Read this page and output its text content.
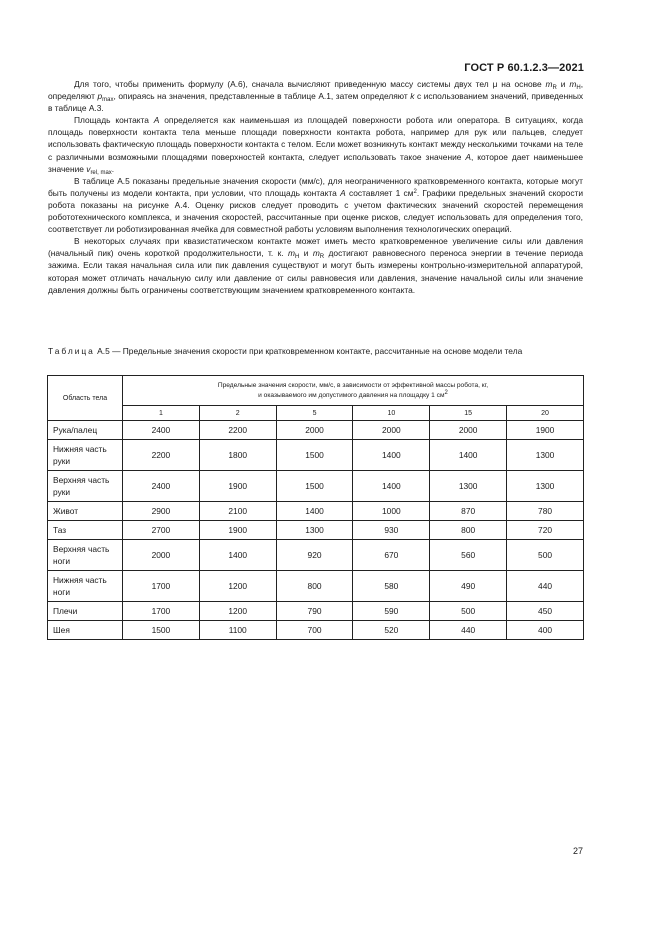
ГОСТ Р 60.1.2.3—2021

Для того, чтобы применить формулу (А.6), сначала вычисляют приведенную массу системы двух тел μ на основе $m_R$ и $m_H$, определяют $p_{max}$, опираясь на значения, представленные в таблице А.1, затем определяют k с использованием значений, приведенных в таблице А.3.

Площадь контакта A определяется как наименьшая из площадей поверхности робота или оператора. В ситуациях, когда площадь поверхности контакта тела меньше площади поверхности контакта робота, например для рук или пальцев, следует использовать фактическую площадь поверхности контакта с телом. Если может возникнуть контакт между несколькими точками на теле с различными возможными площадями поверхностей контакта, следует использовать такое значение A, которое дает наименьшее значение $v_{rel, max}$.

В таблице А.5 показаны предельные значения скорости (мм/с), для неограниченного кратковременного контакта, которые могут быть получены из модели контакта, при условии, что площадь контакта A составляет 1 $см^2$. Графики предельных значений скорости робота показаны на рисунке А.4. Оценку рисков следует проводить с учетом фактических значений скоростей перемещения робототехнического комплекса, и значения скоростей, рассчитанные при оценке рисков, следует использовать для определения того, соответствует ли роботизированная ячейка для совместной работы условиям выполнения технологических операций.

В некоторых случаях при квазистатическом контакте может иметь место кратковременное увеличение силы или давления (начальный пик) очень короткой продолжительности, т. к. $m_H$ и $m_R$ достигают равновесного переноса энергии в течение периода зажима. Если такая начальная сила или пик давления существуют и могут быть измерены контрольно-измерительной аппаратурой, которая может отличать начальную силу или давление от силы равновесия или давления, значение начальной силы или значение давления должны быть ограничены соответствующим значением кратковременного контакта.

Таблица А.5 — Предельные значения скорости при кратковременном контакте, рассчитанные на основе модели тела
Область тела	Предельные значения скорости, мм/с, в зависимости от эффективной массы робота, кг,
и оказываемого им допустимого давления на площадку 1 $см^2$
	1	2	5	10	15	20
Рука/палец	2400	2200	2000	2000	2000	1900
Нижняя часть руки	2200	1800	1500	1400	1400	1300
Верхняя часть руки	2400	1900	1500	1400	1300	1300
Живот	2900	2100	1400	1000	870	780
Таз	2700	1900	1300	930	800	720
Верхняя часть ноги	2000	1400	920	670	560	500
Нижняя часть ноги	1700	1200	800	580	490	440
Плечи	1700	1200	790	590	500	450
Шея	1500	1100	700	520	440	400
27
